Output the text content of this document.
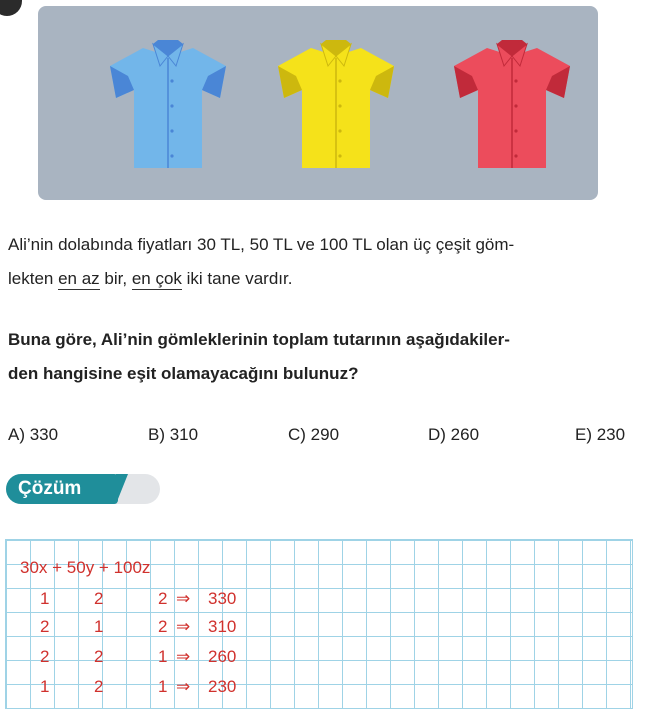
Ali’nin dolabında fiyatları 30 TL, 50 TL ve 100 TL olan üç çeşit göm-
lekten en az bir, en çok iki tane vardır.
Buna göre, Ali’nin gömleklerinin toplam tutarının aşağıdakiler-
den hangisine eşit olamayacağını bulunuz?
A) 330	B) 310	C) 290	D) 260	E) 230
Çözüm
30x + 50y + 100z
1	2	2 ⇒ 330
2	1	2 ⇒ 310
2	2	1 ⇒ 260
1	2	1 ⇒ 230
